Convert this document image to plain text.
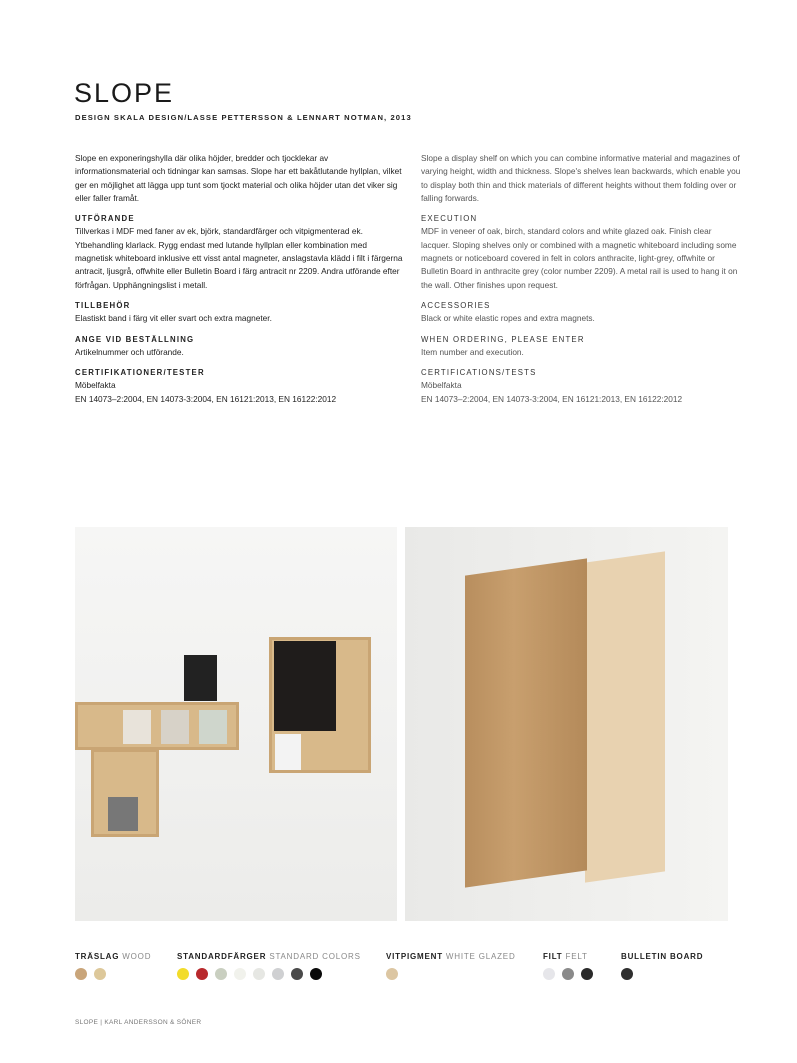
SLOPE
DESIGN SKALA DESIGN/LASSE PETTERSSON & LENNART NOTMAN, 2013

Slope en exponeringshylla där olika höjder, bredder och tjocklekar av informationsmaterial och tidningar kan samsas. Slope har ett bakåtlutande hyllplan, vilket ger en möjlighet att lägga upp tunt som tjockt material och olika höjder utan det viker sig eller faller framåt.

UTFÖRANDE

Tillverkas i MDF med faner av ek, björk, standardfärger och vitpigmenterad ek. Ytbehandling klarlack. Rygg endast med lutande hyllplan eller kombination med magnetisk whiteboard inklusive ett visst antal magneter, anslagstavla klädd i filt i färgerna antracit, ljusgrå, offwhite eller Bulletin Board i färg antracit nr 2209. Andra utförande efter förfrågan. Upphängningslist i metall.

TILLBEHÖR

Elastiskt band i färg vit eller svart och extra magneter.

ANGE VID BESTÄLLNING

Artikelnummer och utförande.

CERTIFIKATIONER/TESTER
Möbelfakta
EN 14073–2:2004, EN 14073-3:2004, EN 16121:2013, EN 16122:2012

Slope a display shelf on which you can combine informative material and magazines of varying height, width and thickness. Slope's shelves lean backwards, which enable you to display both thin and thick materials of different heights without them folding over or falling forwards.

EXECUTION

MDF in veneer of oak, birch, standard colors and white glazed oak. Finish clear lacquer. Sloping shelves only or combined with a magnetic whiteboard including some magnets or noticeboard covered in felt in colors anthracite, light-grey, offwhite or Bulletin Board in anthracite grey (color number 2209). A metal rail is used to hang it on the wall. Other finishes upon request.

ACCESSORIES

Black or white elastic ropes and extra magnets.

WHEN ORDERING, PLEASE ENTER

Item number and execution.

CERTIFICATIONS/TESTS
Möbelfakta
EN 14073–2:2004, EN 14073-3:2004, EN 16121:2013, EN 16122:2012
TRÄSLAG WOOD	STANDARDFÄRGER STANDARD COLORS	VITPIGMENT WHITE GLAZED	FILT FELT	BULLETIN BOARD
SLOPE | KARL ANDERSSON & SÖNER
